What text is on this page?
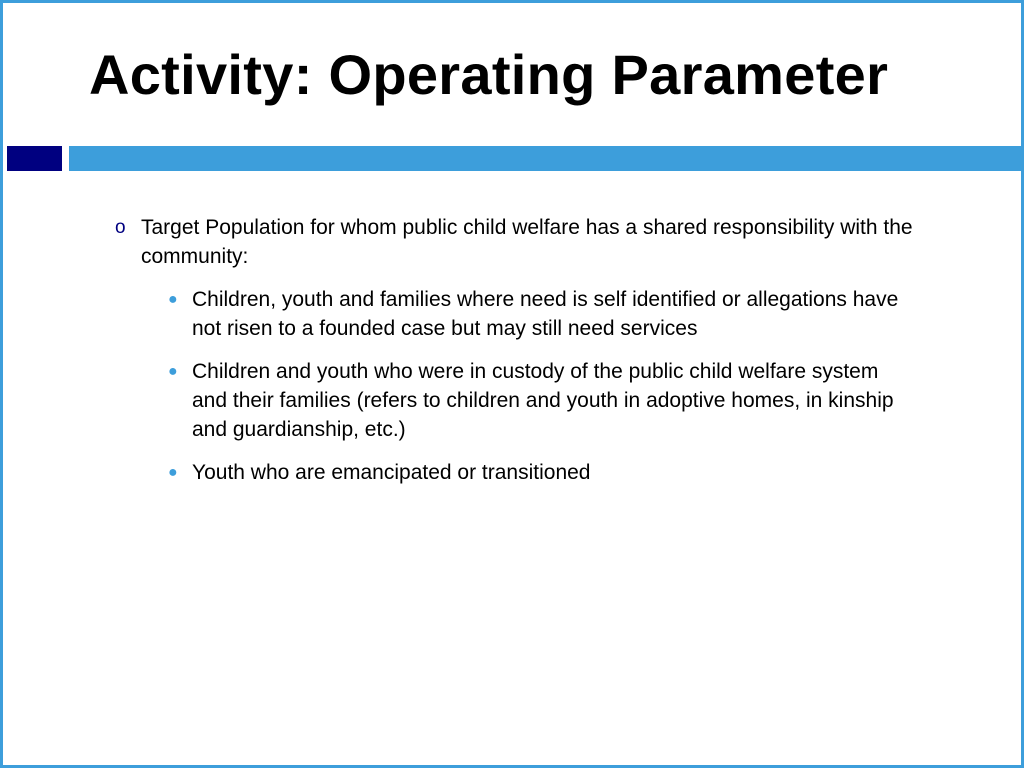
Activity: Operating Parameter
o Target Population for whom public child welfare has a shared responsibility with the community:
● Children, youth and families where need is self identified or allegations have not risen to a founded case but may still need services
● Children and youth who were in custody of the public child welfare system and their families (refers to children and youth in adoptive homes, in kinship and guardianship, etc.)
● Youth who are emancipated or transitioned
